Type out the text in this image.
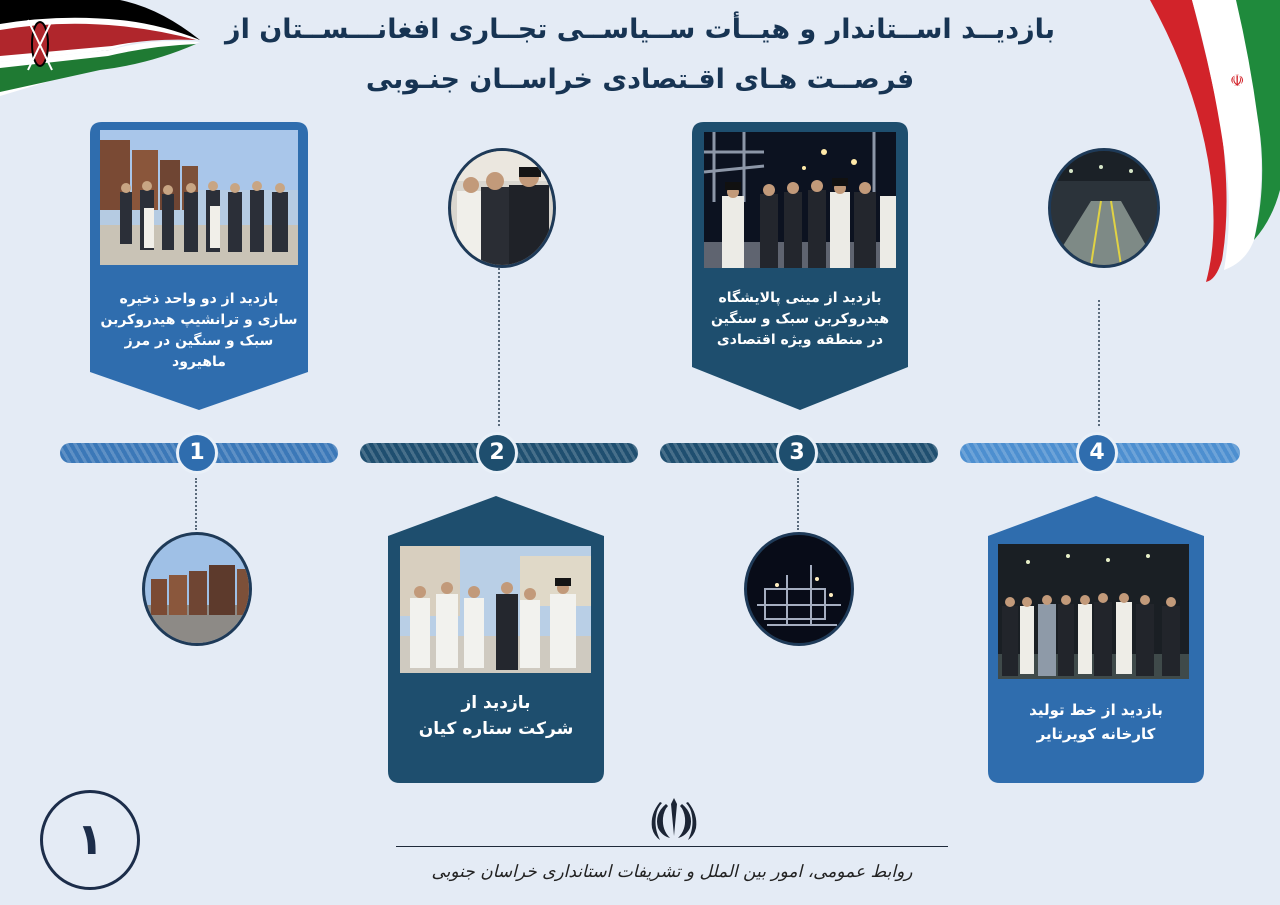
☫
بازدیــد اســتاندار و هیــأت ســیاســی تجــاری افغانـــســتان از
فرصــت هـای اقـتصادی خراســان جنـوبی
1	2	3	4
بازدید از دو واحد ذخیره
سازی و ترانشیپ هیدروکربن
سبک و سنگین در مرز
ماهیرود
بازدید از
شرکت ستاره کیان
بازدید از مینی پالایشگاه
هیدروکربن سبک و سنگین
در منطقه ویژه اقتصادی
بازدید از خط تولید
کارخانه کویرتایر
۱
روابط عمومی، امور بین الملل و تشریفات استانداری خراسان جنوبی
